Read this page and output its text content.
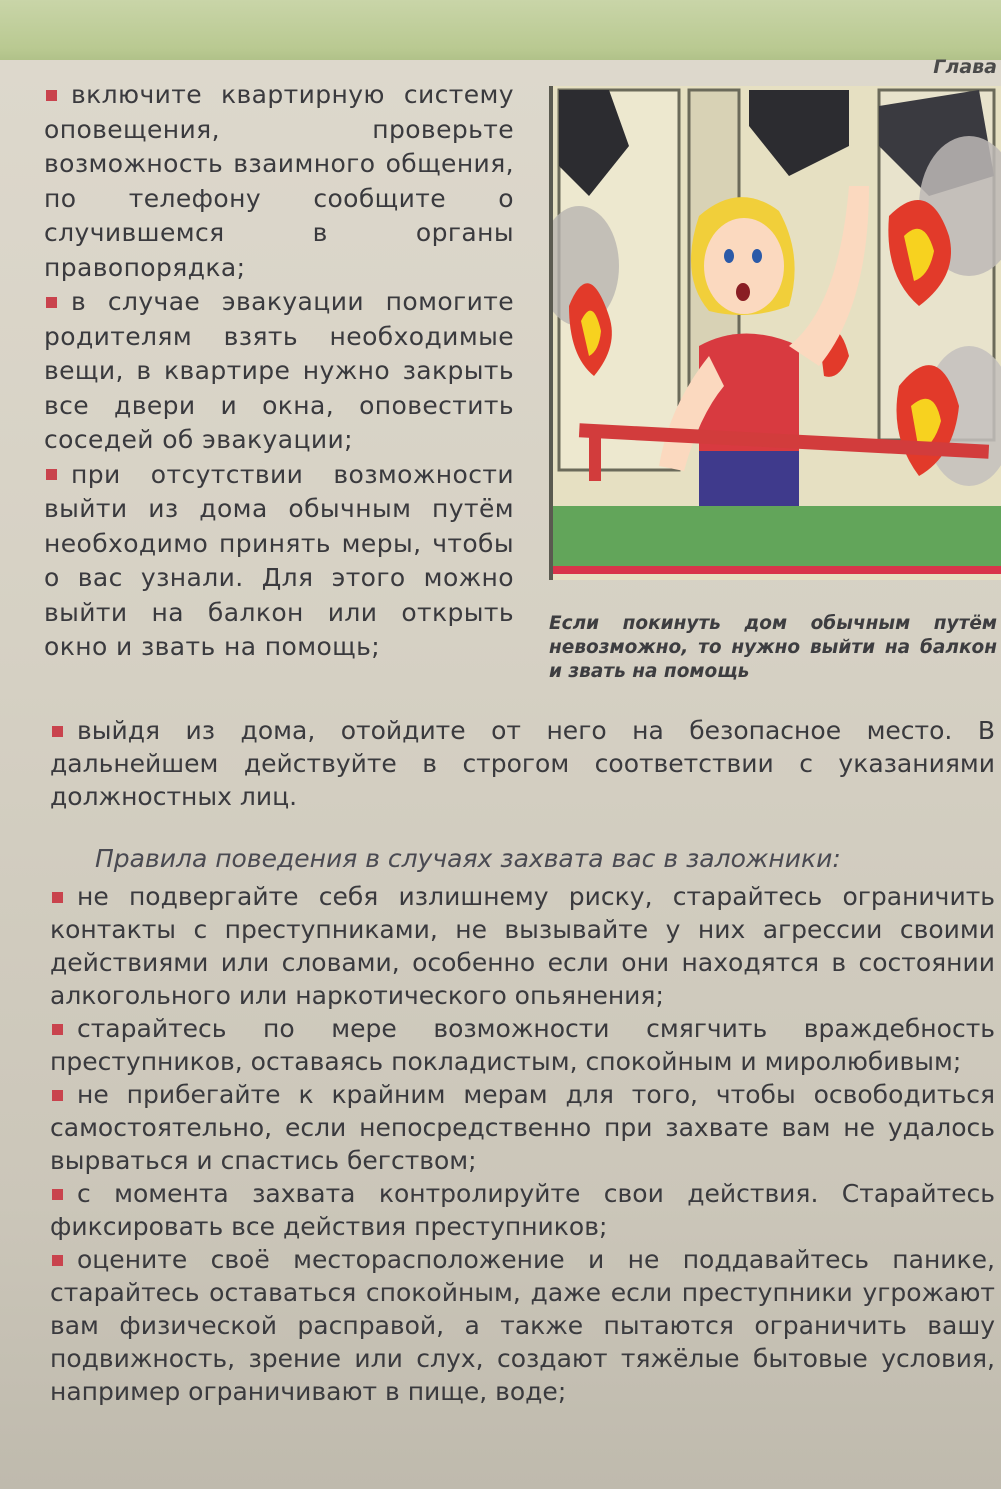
Глава
включите квартирную систему оповещения, проверьте возможность взаимного общения, по телефону сообщите о случившемся в органы правопорядка;
в случае эвакуации помогите родителям взять необходимые вещи, в квартире нужно закрыть все двери и окна, оповестить соседей об эвакуации;
при отсутствии возможности выйти из дома обычным путём необходимо принять меры, чтобы о вас узнали. Для этого можно выйти на балкон или открыть окно и звать на помощь;
Если покинуть дом обычным путём невозможно, то нужно выйти на балкон и звать на помощь
выйдя из дома, отойдите от него на безопасное место. В дальнейшем действуйте в строгом соответствии с указаниями должностных лиц.
Правила поведения в случаях захвата вас в заложники:
не подвергайте себя излишнему риску, старайтесь ограничить контакты с преступниками, не вызывайте у них агрессии своими действиями или словами, особенно если они находятся в состоянии алкогольного или наркотического опьянения;
старайтесь по мере возможности смягчить враждебность преступников, оставаясь покладистым, спокойным и миролюбивым;
не прибегайте к крайним мерам для того, чтобы освободиться самостоятельно, если непосредственно при захвате вам не удалось вырваться и спастись бегством;
с момента захвата контролируйте свои действия. Старайтесь фиксировать все действия преступников;
оцените своё месторасположение и не поддавайтесь панике, старайтесь оставаться спокойным, даже если преступники угрожают вам физической расправой, а также пытаются ограничить вашу подвижность, зрение или слух, создают тяжёлые бытовые условия, например ограничивают в пище, воде;
